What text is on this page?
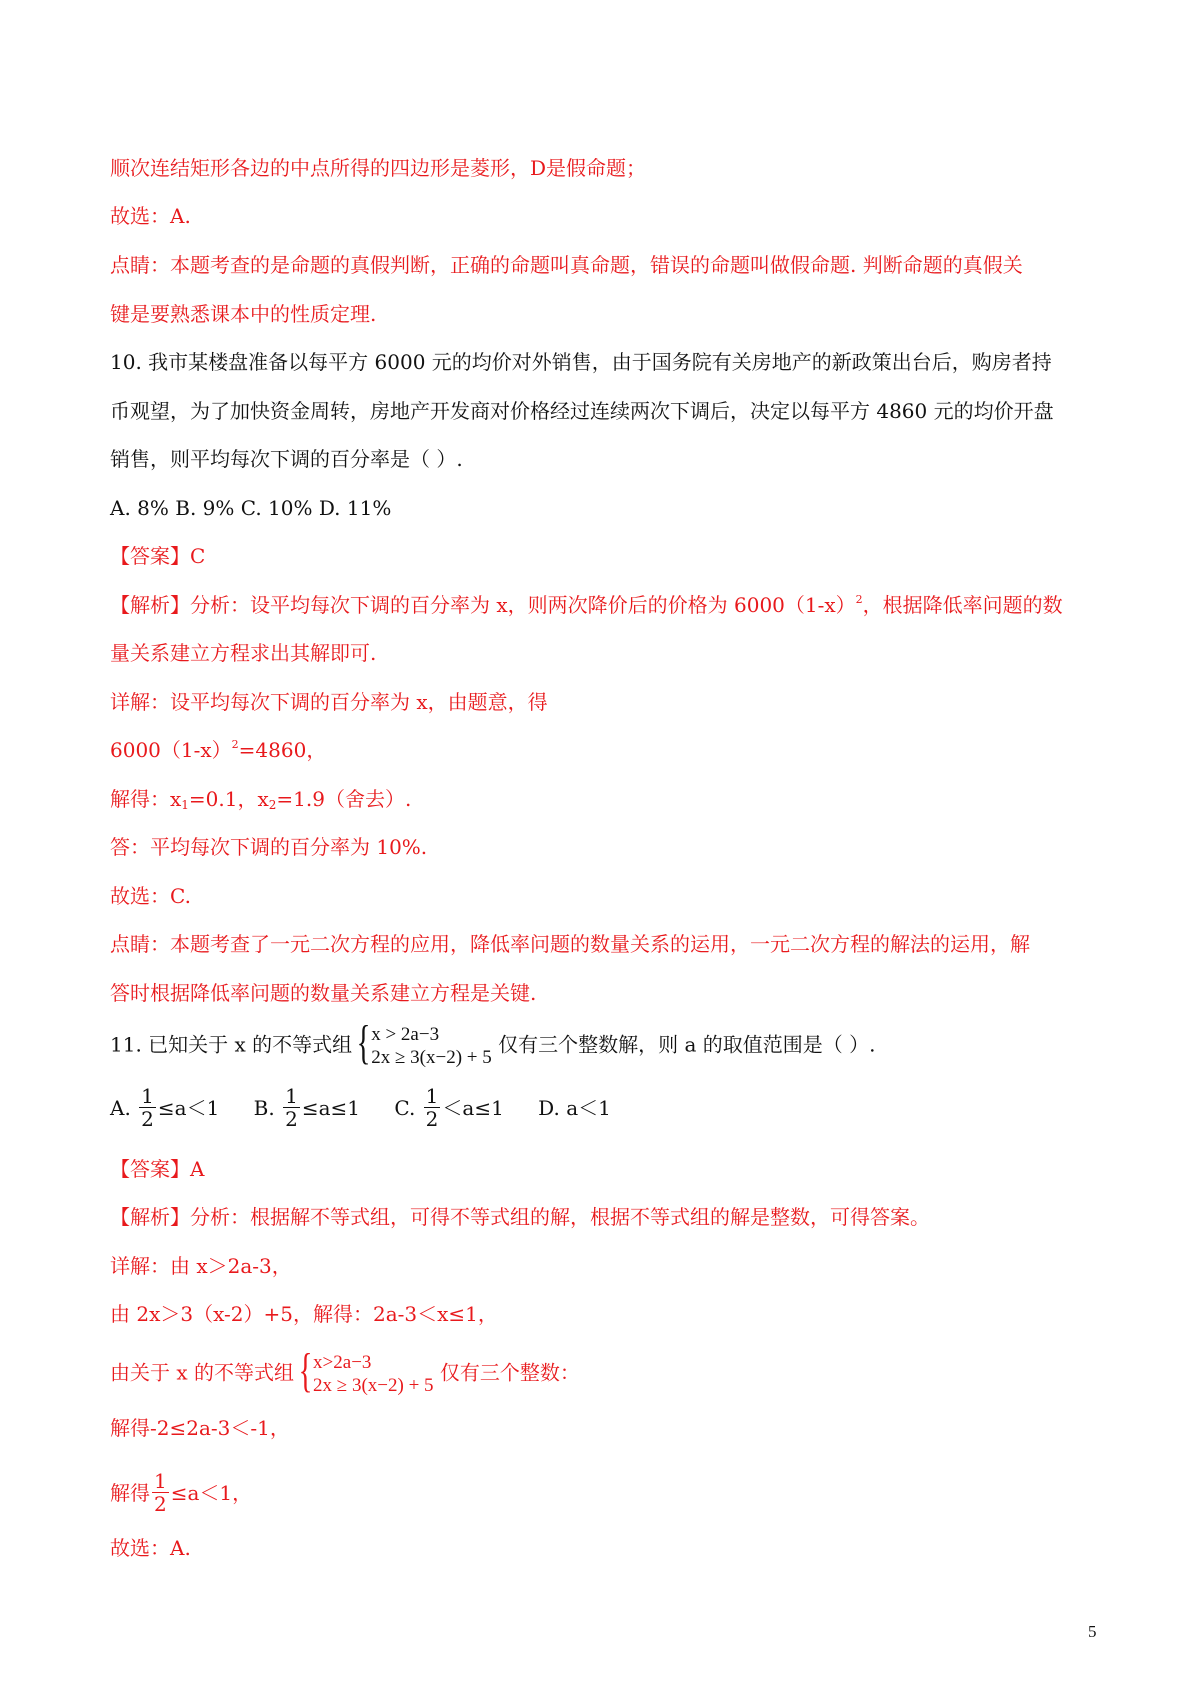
顺次连结矩形各边的中点所得的四边形是菱形，D是假命题；
故选：A.
点睛：本题考查的是命题的真假判断，正确的命题叫真命题，错误的命题叫做假命题. 判断命题的真假关
键是要熟悉课本中的性质定理.
10. 我市某楼盘准备以每平方 6000 元的均价对外销售，由于国务院有关房地产的新政策出台后，购房者持
币观望，为了加快资金周转，房地产开发商对价格经过连续两次下调后，决定以每平方 4860 元的均价开盘
销售，则平均每次下调的百分率是（ ）.
A. 8% B. 9% C. 10% D. 11%
【答案】C
【解析】分析：设平均每次下调的百分率为 x，则两次降价后的价格为 $6000(1-x)^2$，根据降低率问题的数
量关系建立方程求出其解即可.
详解：设平均每次下调的百分率为 x，由题意，得
$6000(1-x)^2=4860$，
解得：$x_1=0.1$，$x_2=1.9$（舍去）.
答：平均每次下调的百分率为 10%.
故选：C.
点睛：本题考查了一元二次方程的应用，降低率问题的数量关系的运用，一元二次方程的解法的运用，解
答时根据降低率问题的数量关系建立方程是关键.
11. 已知关于 x 的不等式组{ x > 2a−3
2x ≥ 3(x−2) + 5
仅有三个整数解，则 a 的取值范围是（ ）.
A. $\frac{1}{2} \le a<1$ B. $\frac{1}{2} \le a\le 1$ C. $\frac{1}{2} <a\le 1$ D. a＜1
【答案】A
【解析】分析：根据解不等式组，可得不等式组的解，根据不等式组的解是整数，可得答案。
详解：由 x＞2a-3，
由 2x＞3（x-2）+5，解得：2a-3＜x≤1，
由关于 x 的不等式组{ x>2a−3
2x ≥ 3(x−2) + 5
仅有三个整数：
解得-2≤2a-3＜-1，
解得 $\frac{1}{2} \le a<1$，
故选：A.
5
